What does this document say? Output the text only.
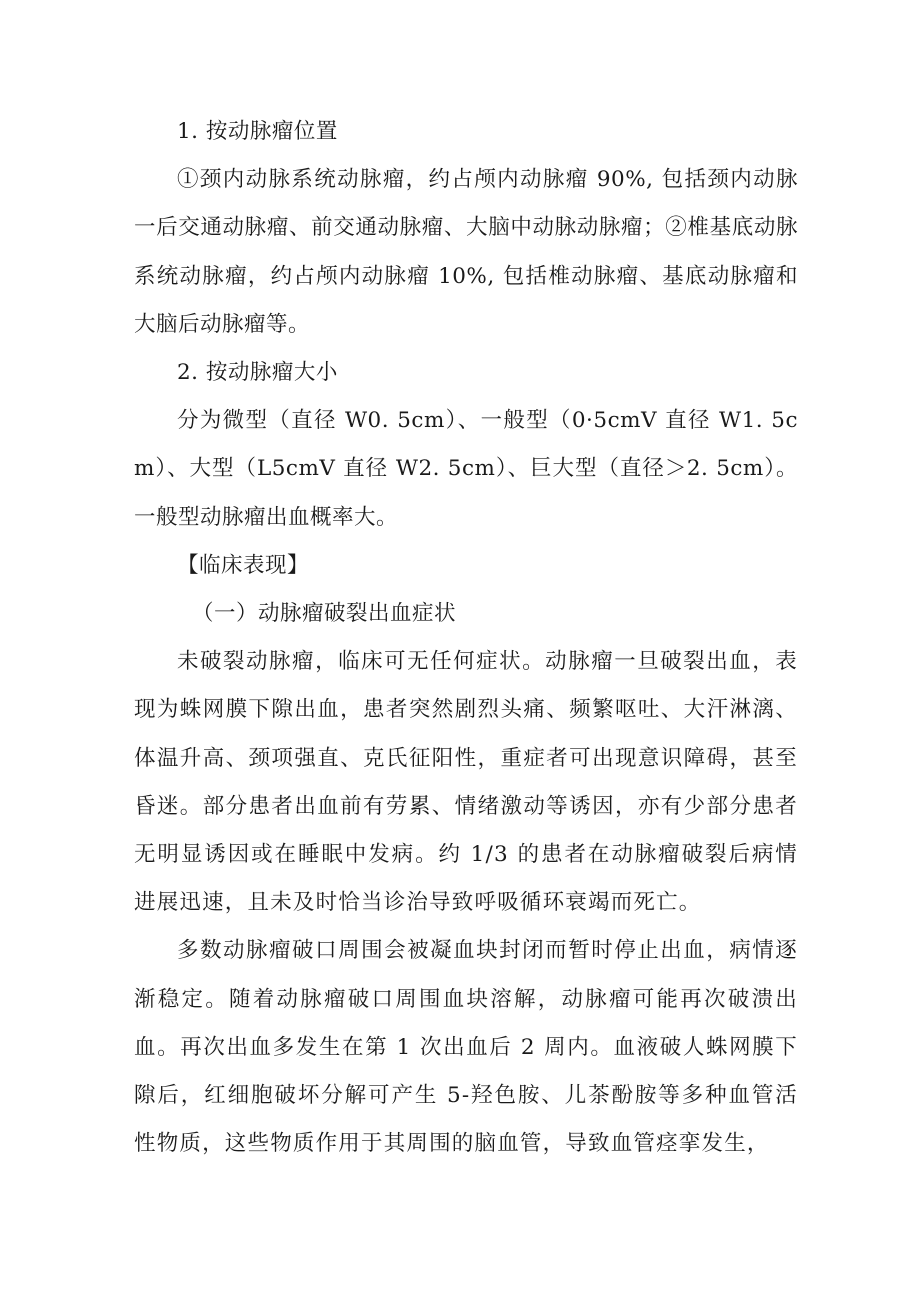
1. 按动脉瘤位置

①颈内动脉系统动脉瘤，约占颅内动脉瘤 90%, 包括颈内动脉一后交通动脉瘤、前交通动脉瘤、大脑中动脉动脉瘤；②椎基底动脉系统动脉瘤，约占颅内动脉瘤 10%, 包括椎动脉瘤、基底动脉瘤和大脑后动脉瘤等。

2. 按动脉瘤大小

分为微型（直径 W0. 5cm）、一般型（0·5cmV 直径 W1. 5cm）、大型（L5cmV 直径 W2. 5cm）、巨大型（直径＞2. 5cm）。一般型动脉瘤出血概率大。

【临床表现】

（一）动脉瘤破裂出血症状

未破裂动脉瘤，临床可无任何症状。动脉瘤一旦破裂出血，表现为蛛网膜下隙出血，患者突然剧烈头痛、频繁呕吐、大汗淋漓、体温升高、颈项强直、克氏征阳性，重症者可出现意识障碍，甚至昏迷。部分患者出血前有劳累、情绪激动等诱因，亦有少部分患者无明显诱因或在睡眠中发病。约 1/3 的患者在动脉瘤破裂后病情进展迅速，且未及时恰当诊治导致呼吸循环衰竭而死亡。

多数动脉瘤破口周围会被凝血块封闭而暂时停止出血，病情逐渐稳定。随着动脉瘤破口周围血块溶解，动脉瘤可能再次破溃出血。再次出血多发生在第 1 次出血后 2 周内。血液破人蛛网膜下隙后，红细胞破坏分解可产生 5-羟色胺、儿茶酚胺等多种血管活性物质，这些物质作用于其周围的脑血管，导致血管痉挛发生，
